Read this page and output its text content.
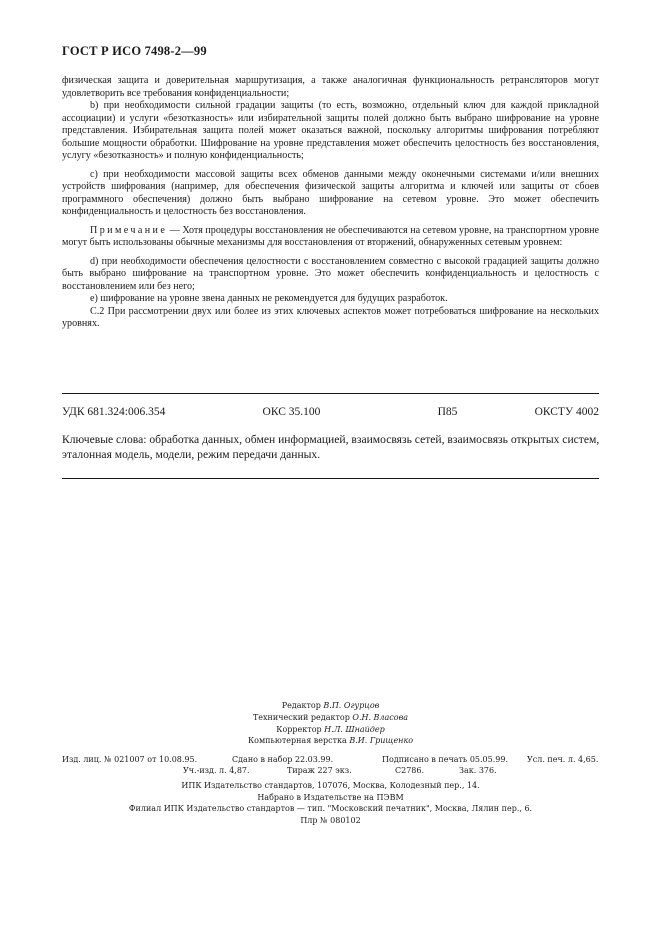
ГОСТ Р ИСО 7498-2—99

физическая защита и доверительная маршрутизация, а также аналогичная функциональность ретрансляторов могут удовлетворить все требования конфиденциальности;

b) при необходимости сильной градации защиты (то есть, возможно, отдельный ключ для каждой прикладной ассоциации) и услуги «безотказность» или избирательной защиты полей должно быть выбрано шифрование на уровне представления. Избирательная защита полей может оказаться важной, поскольку алгоритмы шифрования потребляют большие мощности обработки. Шифрование на уровне представления может обеспечить целостность без восстановления, услугу «безотказность» и полную конфиденциальность;

c) при необходимости массовой защиты всех обменов данными между оконечными системами и/или внешних устройств шифрования (например, для обеспечения физической защиты алгоритма и ключей или защиты от сбоев программного обеспечения) должно быть выбрано шифрование на сетевом уровне. Это может обеспечить конфиденциальность и целостность без восстановления.

Примечание — Хотя процедуры восстановления не обеспечиваются на сетевом уровне, на транспортном уровне могут быть использованы обычные механизмы для восстановления от вторжений, обнаруженных сетевым уровнем:

d) при необходимости обеспечения целостности с восстановлением совместно с высокой градацией защиты должно быть выбрано шифрование на транспортном уровне. Это может обеспечить конфиденциальность и целостность с восстановлением или без него;

e) шифрование на уровне звена данных не рекомендуется для будущих разработок.

С.2 При рассмотрении двух или более из этих ключевых аспектов может потребоваться шифрование на нескольких уровнях.

УДК 681.324:006.354	ОКС 35.100	П85	ОКСТУ 4002
Ключевые слова: обработка данных, обмен информацией, взаимосвязь сетей, взаимосвязь открытых систем, эталонная модель, модели, режим передачи данных.
Редактор В.П. Огурцов
Технический редактор О.Н. Власова
Корректор Н.Л. Шнайдер
Компьютерная верстка В.И. Грищенко
Изд. лиц. № 021007 от 10.08.95.	Сдано в набор 22.03.99.	Подписано в печать 05.05.99. Усл. печ. л. 4,65.
Уч.-изд. л. 4,87.	Тираж 227 экз.	С2786.	Зак. 376.
ИПК Издательство стандартов, 107076, Москва, Колодезный пер., 14.
Набрано в Издательстве на ПЭВМ
Филиал ИПК Издательство стандартов — тип. "Московский печатник", Москва, Лялин пер., 6.
Плр № 080102
